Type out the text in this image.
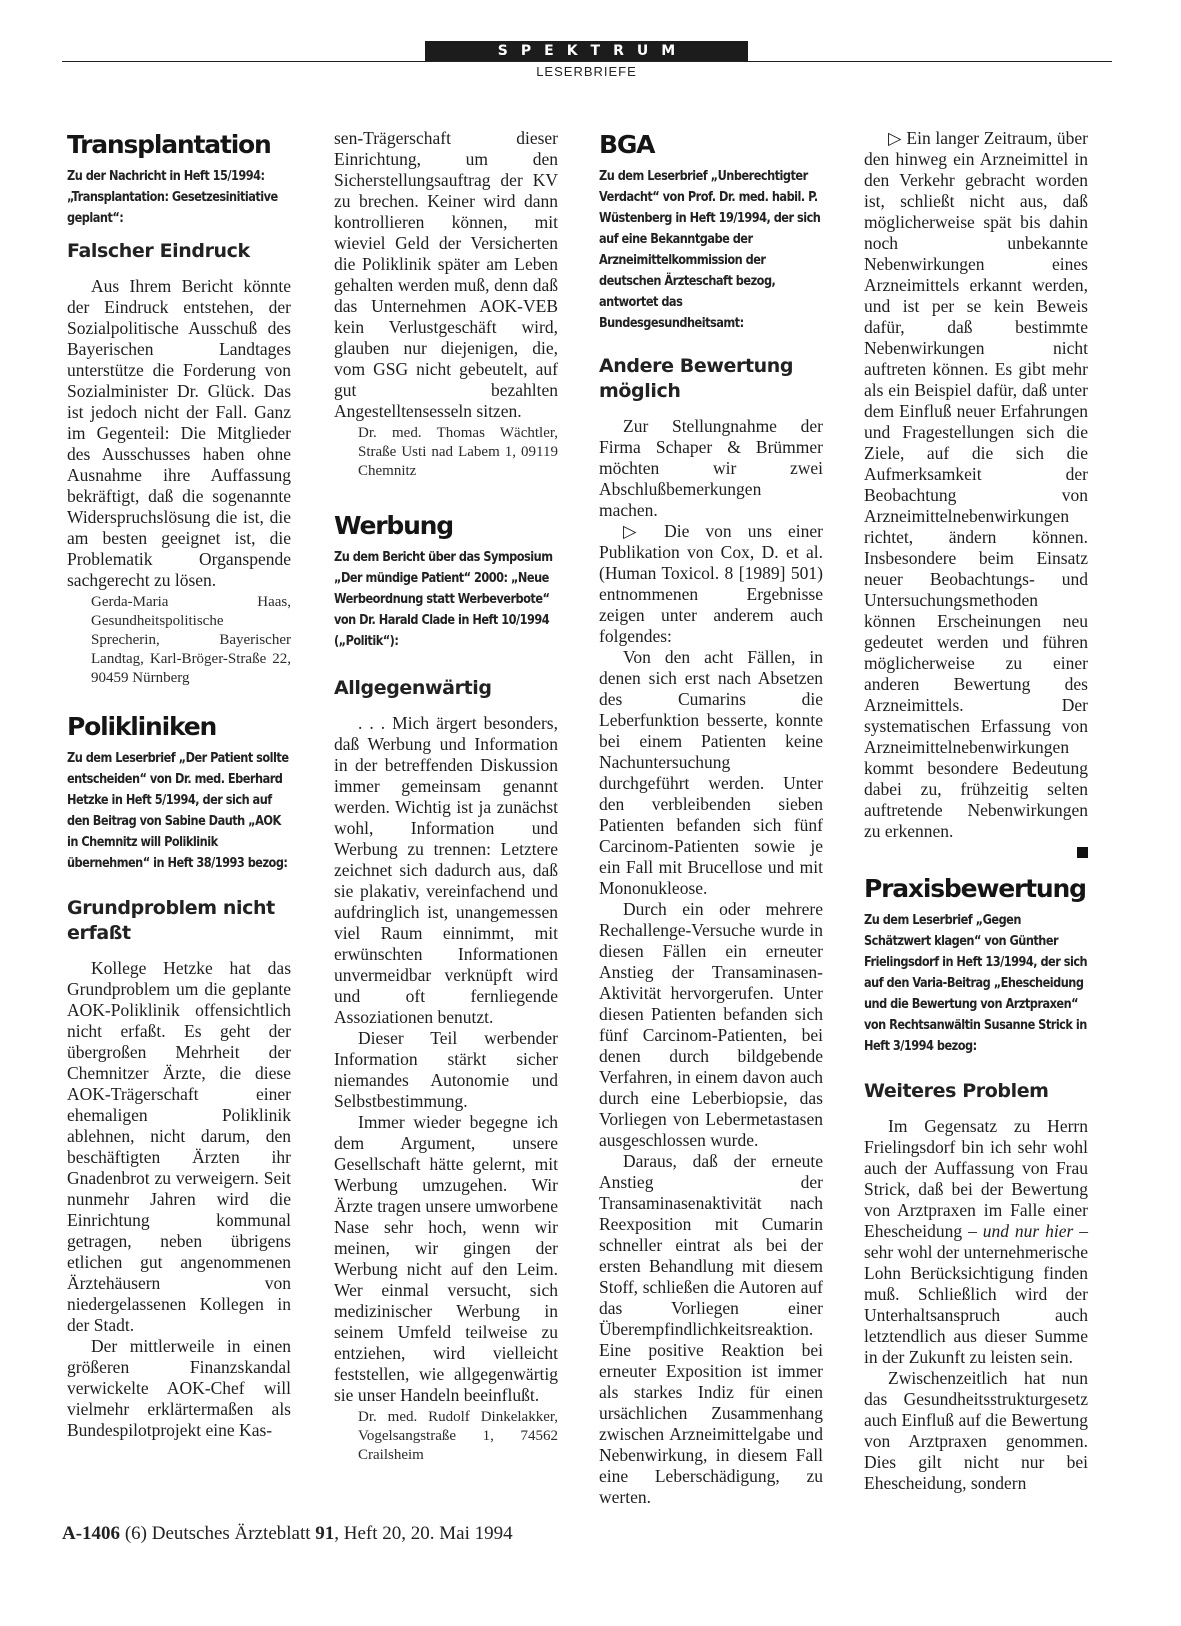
SPEKTRUM
LESERBRIEFE
Transplantation

Zu der Nachricht in Heft 15/1994: „Transplantation: Gesetzesinitiative geplant“:

Falscher Eindruck

Aus Ihrem Bericht könnte der Eindruck entstehen, der Sozialpolitische Ausschuß des Bayerischen Landtages unterstütze die Forderung von Sozialminister Dr. Glück. Das ist jedoch nicht der Fall. Ganz im Gegenteil: Die Mitglieder des Ausschusses haben ohne Ausnahme ihre Auffassung bekräftigt, daß die sogenannte Widerspruchslösung die ist, die am besten geeignet ist, die Problematik Organspende sachgerecht zu lösen.

Gerda-Maria Haas, Gesundheitspolitische Sprecherin, Bayerischer Landtag, Karl-Bröger-Straße 22, 90459 Nürnberg

Polikliniken

Zu dem Leserbrief „Der Patient sollte entscheiden“ von Dr. med. Eberhard Hetzke in Heft 5/1994, der sich auf den Beitrag von Sabine Dauth „AOK in Chemnitz will Poliklinik übernehmen“ in Heft 38/1993 bezog:

Grundproblem nicht erfaßt

Kollege Hetzke hat das Grundproblem um die geplante AOK-Poliklinik offensichtlich nicht erfaßt. Es geht der übergroßen Mehrheit der Chemnitzer Ärzte, die diese AOK-Trägerschaft einer ehemaligen Poliklinik ablehnen, nicht darum, den beschäftigten Ärzten ihr Gnadenbrot zu verweigern. Seit nunmehr Jahren wird die Einrichtung kommunal getragen, neben übrigens etlichen gut angenommenen Ärztehäusern von niedergelassenen Kollegen in der Stadt.

Der mittlerweile in einen größeren Finanzskandal verwickelte AOK-Chef will vielmehr erklärtermaßen als Bundespilotprojekt eine Kas-

sen-Trägerschaft dieser Einrichtung, um den Sicherstellungsauftrag der KV zu brechen. Keiner wird dann kontrollieren können, mit wieviel Geld der Versicherten die Poliklinik später am Leben gehalten werden muß, denn daß das Unternehmen AOK-VEB kein Verlustgeschäft wird, glauben nur diejenigen, die, vom GSG nicht gebeutelt, auf gut bezahlten Angestelltensesseln sitzen.

Dr. med. Thomas Wächtler, Straße Usti nad Labem 1, 09119 Chemnitz

Werbung

Zu dem Bericht über das Symposium „Der mündige Patient“ 2000: „Neue Werbeordnung statt Werbeverbote“ von Dr. Harald Clade in Heft 10/1994 („Politik“):

Allgegenwärtig

. . . Mich ärgert besonders, daß Werbung und Information in der betreffenden Diskussion immer gemeinsam genannt werden. Wichtig ist ja zunächst wohl, Information und Werbung zu trennen: Letztere zeichnet sich dadurch aus, daß sie plakativ, vereinfachend und aufdringlich ist, unangemessen viel Raum einnimmt, mit erwünschten Informationen unvermeidbar verknüpft wird und oft fernliegende Assoziationen benutzt.

Dieser Teil werbender Information stärkt sicher niemandes Autonomie und Selbstbestimmung.

Immer wieder begegne ich dem Argument, unsere Gesellschaft hätte gelernt, mit Werbung umzugehen. Wir Ärzte tragen unsere umworbene Nase sehr hoch, wenn wir meinen, wir gingen der Werbung nicht auf den Leim. Wer einmal versucht, sich medizinischer Werbung in seinem Umfeld teilweise zu entziehen, wird vielleicht feststellen, wie allgegenwärtig sie unser Handeln beeinflußt.

Dr. med. Rudolf Dinkelakker, Vogelsangstraße 1, 74562 Crailsheim

BGA

Zu dem Leserbrief „Unberechtigter Verdacht“ von Prof. Dr. med. habil. P. Wüstenberg in Heft 19/1994, der sich auf eine Bekanntgabe der Arzneimittelkommission der deutschen Ärzteschaft bezog, antwortet das Bundesgesundheitsamt:

Andere Bewertung möglich

Zur Stellungnahme der Firma Schaper & Brümmer möchten wir zwei Abschlußbemerkungen machen.

▷ Die von uns einer Publikation von Cox, D. et al. (Human Toxicol. 8 [1989] 501) entnommenen Ergebnisse zeigen unter anderem auch folgendes:

Von den acht Fällen, in denen sich erst nach Absetzen des Cumarins die Leberfunktion besserte, konnte bei einem Patienten keine Nachuntersuchung durchgeführt werden. Unter den verbleibenden sieben Patienten befanden sich fünf Carcinom-Patienten sowie je ein Fall mit Brucellose und mit Mononukleose.

Durch ein oder mehrere Rechallenge-Versuche wurde in diesen Fällen ein erneuter Anstieg der Transaminasen-Aktivität hervorgerufen. Unter diesen Patienten befanden sich fünf Carcinom-Patienten, bei denen durch bildgebende Verfahren, in einem davon auch durch eine Leberbiopsie, das Vorliegen von Lebermetastasen ausgeschlossen wurde.

Daraus, daß der erneute Anstieg der Transaminasenaktivität nach Reexposition mit Cumarin schneller eintrat als bei der ersten Behandlung mit diesem Stoff, schließen die Autoren auf das Vorliegen einer Überempfindlichkeitsreaktion. Eine positive Reaktion bei erneuter Exposition ist immer als starkes Indiz für einen ursächlichen Zusammenhang zwischen Arzneimittelgabe und Nebenwirkung, in diesem Fall eine Leberschädigung, zu werten.

▷ Ein langer Zeitraum, über den hinweg ein Arzneimittel in den Verkehr gebracht worden ist, schließt nicht aus, daß möglicherweise spät bis dahin noch unbekannte Nebenwirkungen eines Arzneimittels erkannt werden, und ist per se kein Beweis dafür, daß bestimmte Nebenwirkungen nicht auftreten können. Es gibt mehr als ein Beispiel dafür, daß unter dem Einfluß neuer Erfahrungen und Fragestellungen sich die Ziele, auf die sich die Aufmerksamkeit der Beobachtung von Arzneimittelnebenwirkungen richtet, ändern können. Insbesondere beim Einsatz neuer Beobachtungs- und Untersuchungsmethoden können Erscheinungen neu gedeutet werden und führen möglicherweise zu einer anderen Bewertung des Arzneimittels. Der systematischen Erfassung von Arzneimittelnebenwirkungen kommt besondere Bedeutung dabei zu, frühzeitig selten auftretende Nebenwirkungen zu erkennen.

Praxisbewertung

Zu dem Leserbrief „Gegen Schätzwert klagen“ von Günther Frielingsdorf in Heft 13/1994, der sich auf den Varia-Beitrag „Ehescheidung und die Bewertung von Arztpraxen“ von Rechtsanwältin Susanne Strick in Heft 3/1994 bezog:

Weiteres Problem

Im Gegensatz zu Herrn Frielingsdorf bin ich sehr wohl auch der Auffassung von Frau Strick, daß bei der Bewertung von Arztpraxen im Falle einer Ehescheidung – und nur hier – sehr wohl der unternehmerische Lohn Berücksichtigung finden muß. Schließlich wird der Unterhaltsanspruch auch letztendlich aus dieser Summe in der Zukunft zu leisten sein.

Zwischenzeitlich hat nun das Gesundheitsstrukturgesetz auch Einfluß auf die Bewertung von Arztpraxen genommen. Dies gilt nicht nur bei Ehescheidung, sondern

A-1406 (6) Deutsches Ärzteblatt 91, Heft 20, 20. Mai 1994
